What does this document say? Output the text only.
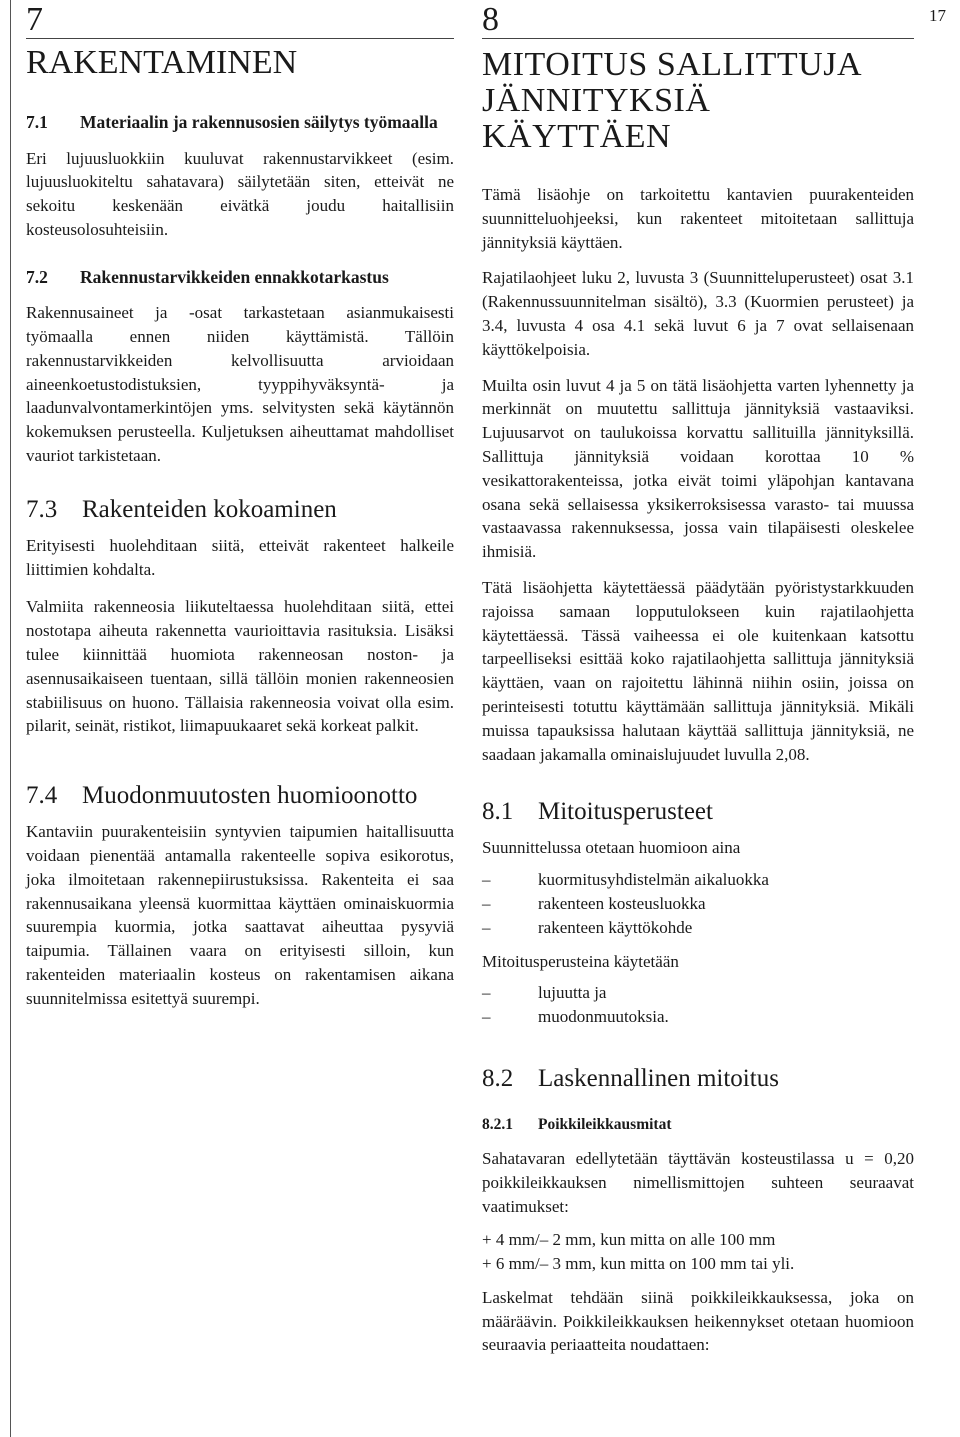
17
7
RAKENTAMINEN
7.1	Materiaalin ja rakennusosien säilytys työmaalla

Eri lujuusluokkiin kuuluvat rakennustarvikkeet (esim. lujuusluokiteltu sahatavara) säilytetään siten, etteivät ne sekoitu keskenään eivätkä joudu haitallisiin kosteusolosuhteisiin.

7.2	Rakennustarvikkeiden ennakkotarkastus

Rakennusaineet ja -osat tarkastetaan asianmukaisesti työmaalla ennen niiden käyttämistä. Tällöin rakennustarvikkeiden kelvollisuutta arvioidaan aineenkoetustodistuksien, tyyppihyväksyntä- ja laadunvalvontamerkintöjen yms. selvitysten sekä käytännön kokemuksen perusteella. Kuljetuksen aiheuttamat mahdolliset vauriot tarkistetaan.

7.3 Rakenteiden kokoaminen

Erityisesti huolehditaan siitä, etteivät rakenteet halkeile liittimien kohdalta.

Valmiita rakenneosia liikuteltaessa huolehditaan siitä, ettei nostotapa aiheuta rakennetta vaurioittavia rasituksia. Lisäksi tulee kiinnittää huomiota rakenneosan noston- ja asennusaikaiseen tuentaan, sillä tällöin monien rakenneosien stabiilisuus on huono. Tällaisia rakenneosia voivat olla esim. pilarit, seinät, ristikot, liimapuukaaret sekä korkeat palkit.

7.4 Muodonmuutosten huomioonotto

Kantaviin puurakenteisiin syntyvien taipumien haitallisuutta voidaan pienentää antamalla rakenteelle sopiva esikorotus, joka ilmoitetaan rakennepiirustuksissa. Rakenteita ei saa rakennusaikana yleensä kuormittaa käyttäen ominaiskuormia suurempia kuormia, jotka saattavat aiheuttaa pysyviä taipumia. Tällainen vaara on erityisesti silloin, kun rakenteiden materiaalin kosteus on rakentamisen aikana suunnitelmissa esitettyä suurempi.

8
MITOITUS SALLITTUJA
JÄNNITYKSIÄ
KÄYTTÄEN

Tämä lisäohje on tarkoitettu kantavien puurakenteiden suunnitteluohjeeksi, kun rakenteet mitoitetaan sallittuja jännityksiä käyttäen.

Rajatilaohjeet luku 2, luvusta 3 (Suunnitteluperusteet) osat 3.1 (Rakennussuunnitelman sisältö), 3.3 (Kuormien perusteet) ja 3.4, luvusta 4 osa 4.1 sekä luvut 6 ja 7 ovat sellaisenaan käyttökelpoisia.

Muilta osin luvut 4 ja 5 on tätä lisäohjetta varten lyhennetty ja merkinnät on muutettu sallittuja jännityksiä vastaaviksi. Lujuusarvot on taulukoissa korvattu sallituilla jännityksillä. Sallittuja jännityksiä voidaan korottaa 10 % vesikattorakenteissa, jotka eivät toimi yläpohjan kantavana osana sekä sellaisessa yksikerroksisessa varasto- tai muussa vastaavassa rakennuksessa, jossa vain tilapäisesti oleskelee ihmisiä.

Tätä lisäohjetta käytettäessä päädytään pyöristystarkkuuden rajoissa samaan lopputulokseen kuin rajatilaohjetta käytettäessä. Tässä vaiheessa ei ole kuitenkaan katsottu tarpeelliseksi esittää koko rajatilaohjetta sallittuja jännityksiä käyttäen, vaan on rajoitettu lähinnä niihin osiin, joissa on perinteisesti totuttu käyttämään sallittuja jännityksiä. Mikäli muissa tapauksissa halutaan käyttää sallittuja jännityksiä, ne saadaan jakamalla ominaislujuudet luvulla 2,08.

8.1 Mitoitusperusteet

Suunnittelussa otetaan huomioon aina

–	kuormitusyhdistelmän aikaluokka
–	rakenteen kosteusluokka
–	rakenteen käyttökohde

Mitoitusperusteina käytetään

–	lujuutta ja
–	muodonmuutoksia.
8.2 Laskennallinen mitoitus
8.2.1	Poikkileikkausmitat

Sahatavaran edellytetään täyttävän kosteustilassa u = 0,20 poikkileikkauksen nimellismittojen suhteen seuraavat vaatimukset:

+ 4 mm/– 2 mm, kun mitta on alle 100 mm
+ 6 mm/– 3 mm, kun mitta on 100 mm tai yli.

Laskelmat tehdään siinä poikkileikkauksessa, joka on määräävin. Poikkileikkauksen heikennykset otetaan huomioon seuraavia periaatteita noudattaen:
